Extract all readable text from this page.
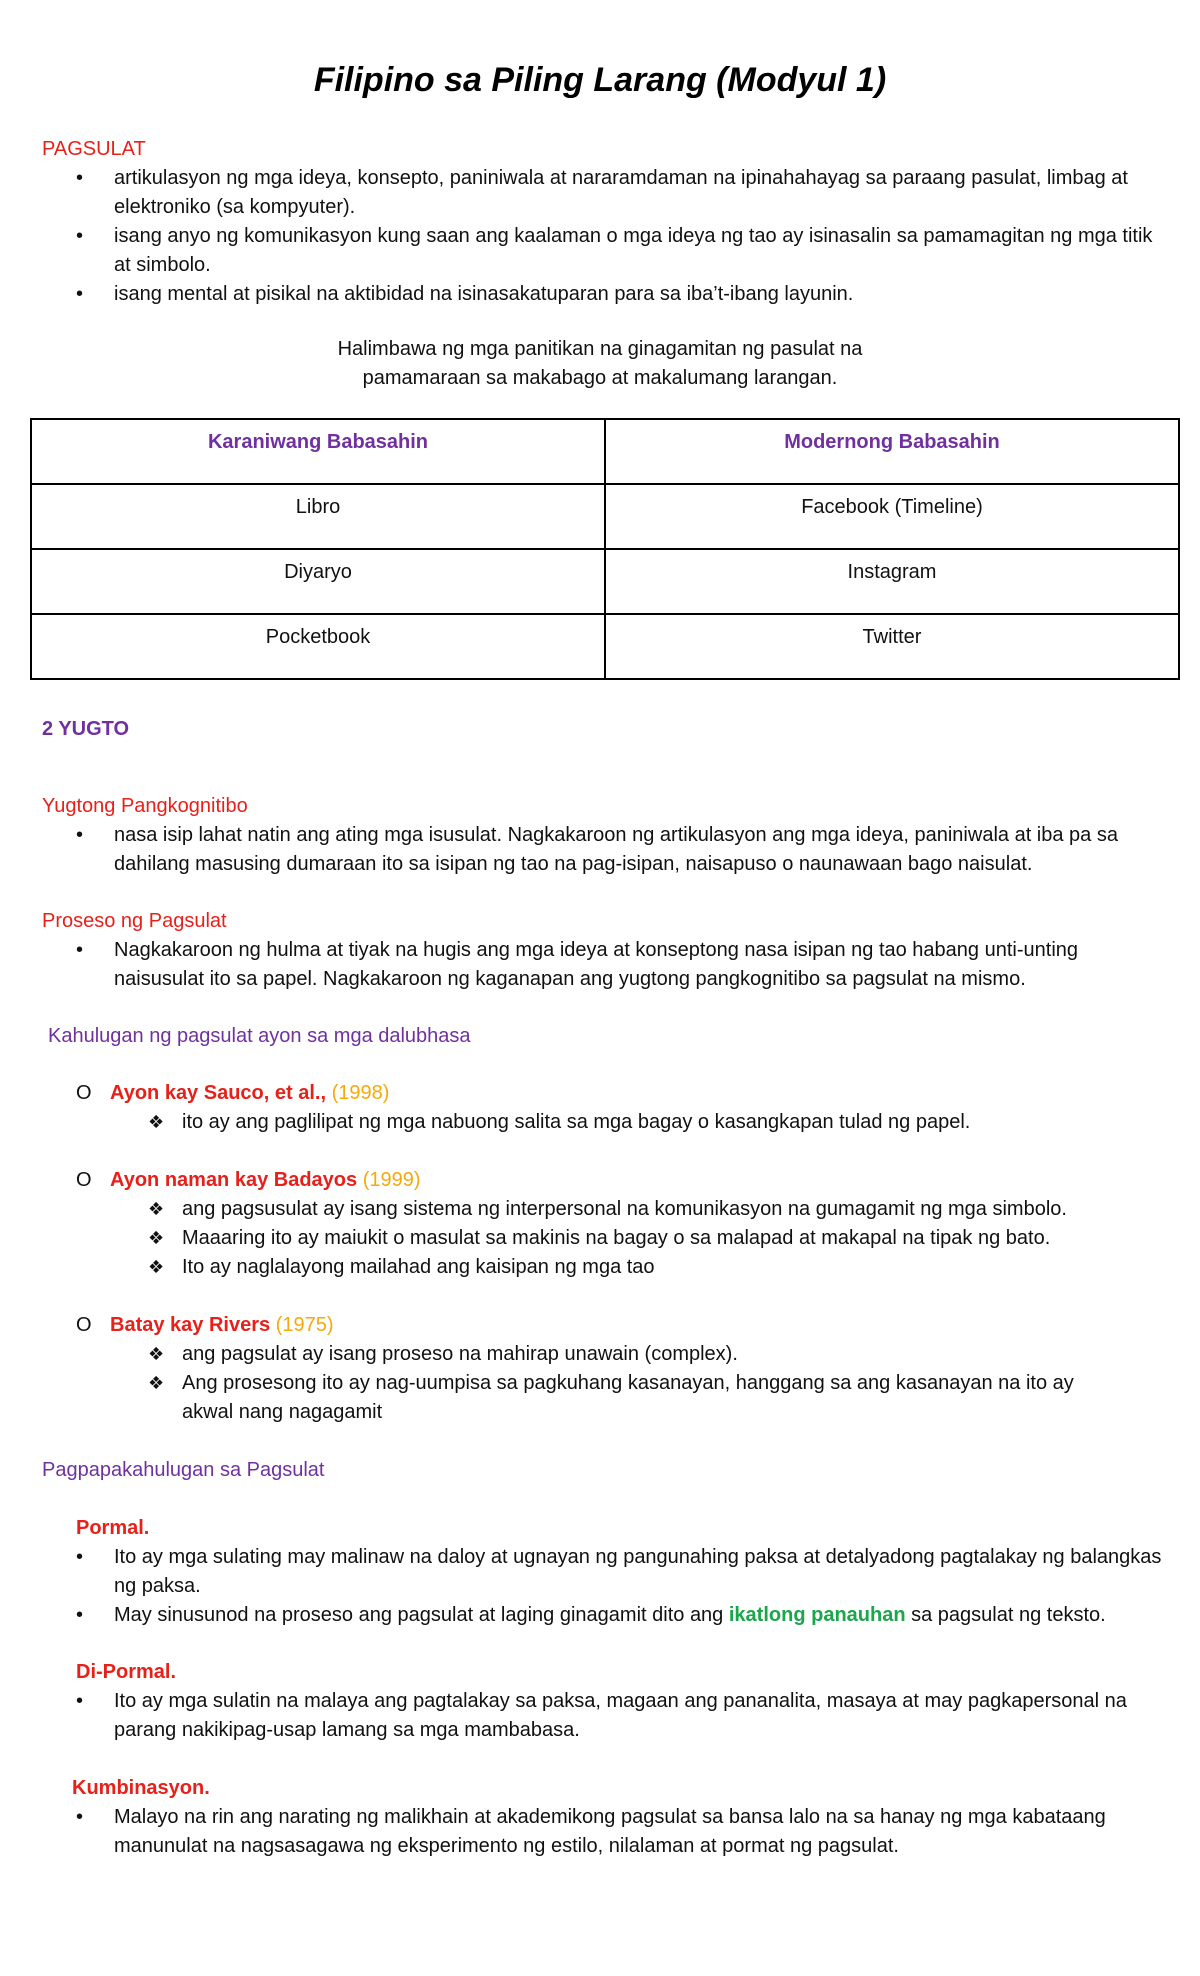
Filipino sa Piling Larang (Modyul 1)
PAGSULAT
• artikulasyon ng mga ideya, konsepto, paniniwala at nararamdaman na ipinahahayag sa paraang pasulat, limbag at elektroniko (sa kompyuter).
• isang anyo ng komunikasyon kung saan ang kaalaman o mga ideya ng tao ay isinasalin sa pamamagitan ng mga titik at simbolo.
• isang mental at pisikal na aktibidad na isinasakatuparan para sa iba’t-ibang layunin.
Halimbawa ng mga panitikan na ginagamitan ng pasulat na
pamamaraan sa makabago at makalumang larangan.
Karaniwang Babasahin	Modernong Babasahin
Libro	Facebook (Timeline)
Diyaryo	Instagram
Pocketbook	Twitter
2 YUGTO
Yugtong Pangkognitibo
• nasa isip lahat natin ang ating mga isusulat. Nagkakaroon ng artikulasyon ang mga ideya, paniniwala at iba pa sa dahilang masusing dumaraan ito sa isipan ng tao na pag-isipan, naisapuso o naunawaan bago naisulat.
Proseso ng Pagsulat
• Nagkakaroon ng hulma at tiyak na hugis ang mga ideya at konseptong nasa isipan ng tao habang unti-unting naisusulat ito sa papel. Nagkakaroon ng kaganapan ang yugtong pangkognitibo sa pagsulat na mismo.
Kahulugan ng pagsulat ayon sa mga dalubhasa
O Ayon kay Sauco, et al., (1998)
❖ ito ay ang paglilipat ng mga nabuong salita sa mga bagay o kasangkapan tulad ng papel.
O Ayon naman kay Badayos (1999)
❖ ang pagsusulat ay isang sistema ng interpersonal na komunikasyon na gumagamit ng mga simbolo.
❖ Maaaring ito ay maiukit o masulat sa makinis na bagay o sa malapad at makapal na tipak ng bato.
❖ Ito ay naglalayong mailahad ang kaisipan ng mga tao
O Batay kay Rivers (1975)
❖ ang pagsulat ay isang proseso na mahirap unawain (complex).
❖ Ang prosesong ito ay nag-uumpisa sa pagkuhang kasanayan, hanggang sa ang kasanayan na ito ay akwal nang nagagamit
Pagpapakahulugan sa Pagsulat
Pormal.
• Ito ay mga sulating may malinaw na daloy at ugnayan ng pangunahing paksa at detalyadong pagtalakay ng balangkas ng paksa.
• May sinusunod na proseso ang pagsulat at laging ginagamit dito ang ikatlong panauhan sa pagsulat ng teksto.
Di-Pormal.
• Ito ay mga sulatin na malaya ang pagtalakay sa paksa, magaan ang pananalita, masaya at may pagkapersonal na parang nakikipag-usap lamang sa mga mambabasa.
Kumbinasyon.
• Malayo na rin ang narating ng malikhain at akademikong pagsulat sa bansa lalo na sa hanay ng mga kabataang manunulat na nagsasagawa ng eksperimento ng estilo, nilalaman at pormat ng pagsulat.
